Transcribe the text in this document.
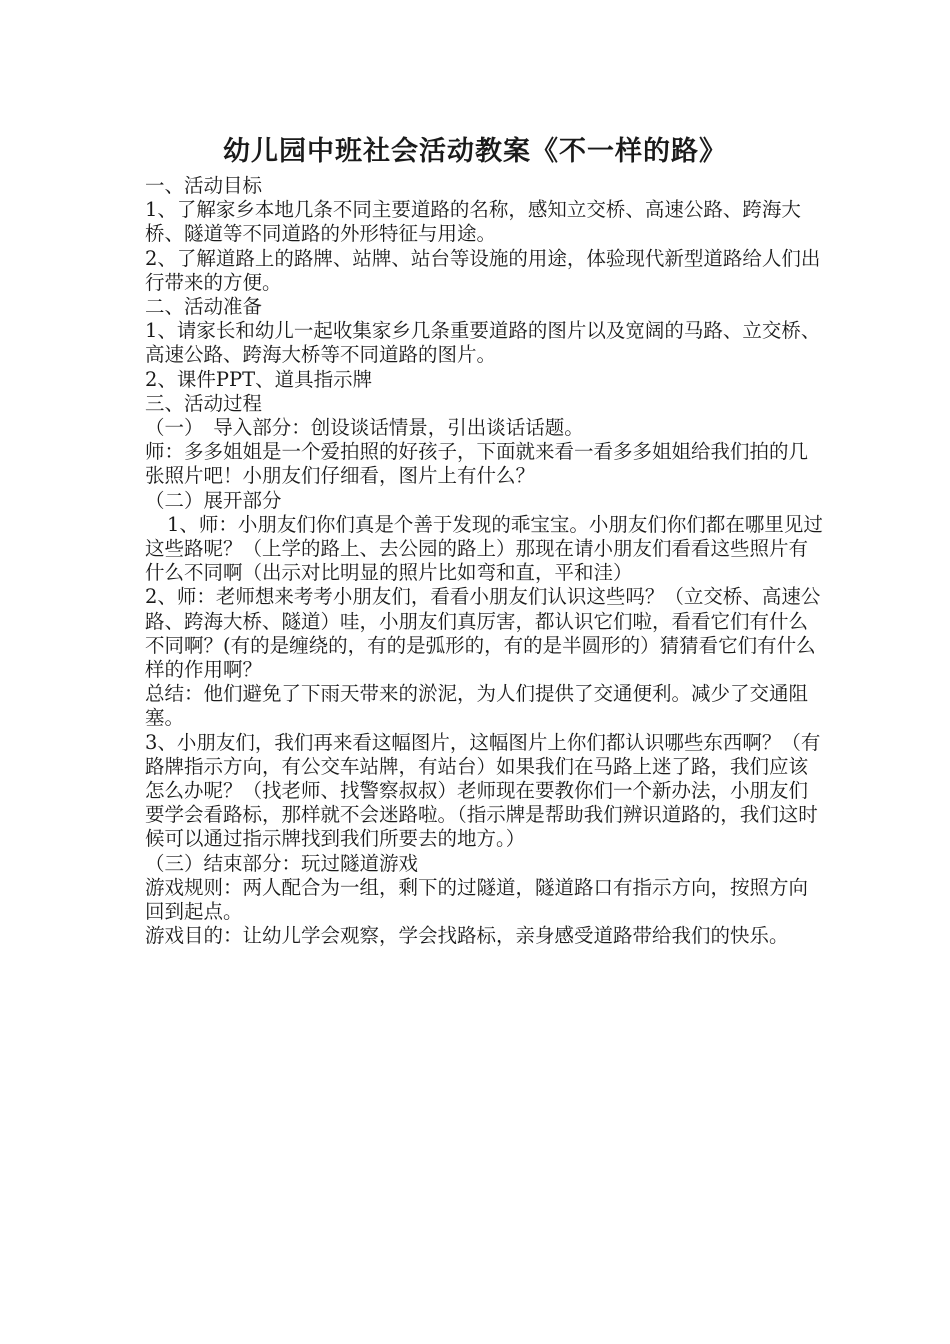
幼儿园中班社会活动教案《不一样的路》

一、活动目标

1、了解家乡本地几条不同主要道路的名称，感知立交桥、高速公路、跨海大桥、隧道等不同道路的外形特征与用途。

2、了解道路上的路牌、站牌、站台等设施的用途，体验现代新型道路给人们出行带来的方便。

二、活动准备

1、请家长和幼儿一起收集家乡几条重要道路的图片以及宽阔的马路、立交桥、高速公路、跨海大桥等不同道路的图片。

2、课件PPT、道具指示牌

三、活动过程

（一）　导入部分：创设谈话情景，引出谈话话题。

师：多多姐姐是一个爱拍照的好孩子，下面就来看一看多多姐姐给我们拍的几张照片吧！小朋友们仔细看，图片上有什么？

（二）展开部分

1、师：小朋友们你们真是个善于发现的乖宝宝。小朋友们你们都在哪里见过这些路呢？（上学的路上、去公园的路上）那现在请小朋友们看看这些照片有什么不同啊（出示对比明显的照片比如弯和直，平和洼）

2、师：老师想来考考小朋友们，看看小朋友们认识这些吗？（立交桥、高速公路、跨海大桥、隧道）哇，小朋友们真厉害，都认识它们啦，看看它们有什么不同啊？(有的是缠绕的，有的是弧形的，有的是半圆形的）猜猜看它们有什么样的作用啊？

总结：他们避免了下雨天带来的淤泥，为人们提供了交通便利。减少了交通阻塞。

3、小朋友们，我们再来看这幅图片，这幅图片上你们都认识哪些东西啊？（有路牌指示方向，有公交车站牌，有站台）如果我们在马路上迷了路，我们应该怎么办呢？（找老师、找警察叔叔）老师现在要教你们一个新办法，小朋友们要学会看路标，那样就不会迷路啦。（指示牌是帮助我们辨识道路的，我们这时候可以通过指示牌找到我们所要去的地方。）

（三）结束部分：玩过隧道游戏

游戏规则：两人配合为一组，剩下的过隧道，隧道路口有指示方向，按照方向回到起点。

游戏目的：让幼儿学会观察，学会找路标，亲身感受道路带给我们的快乐。
